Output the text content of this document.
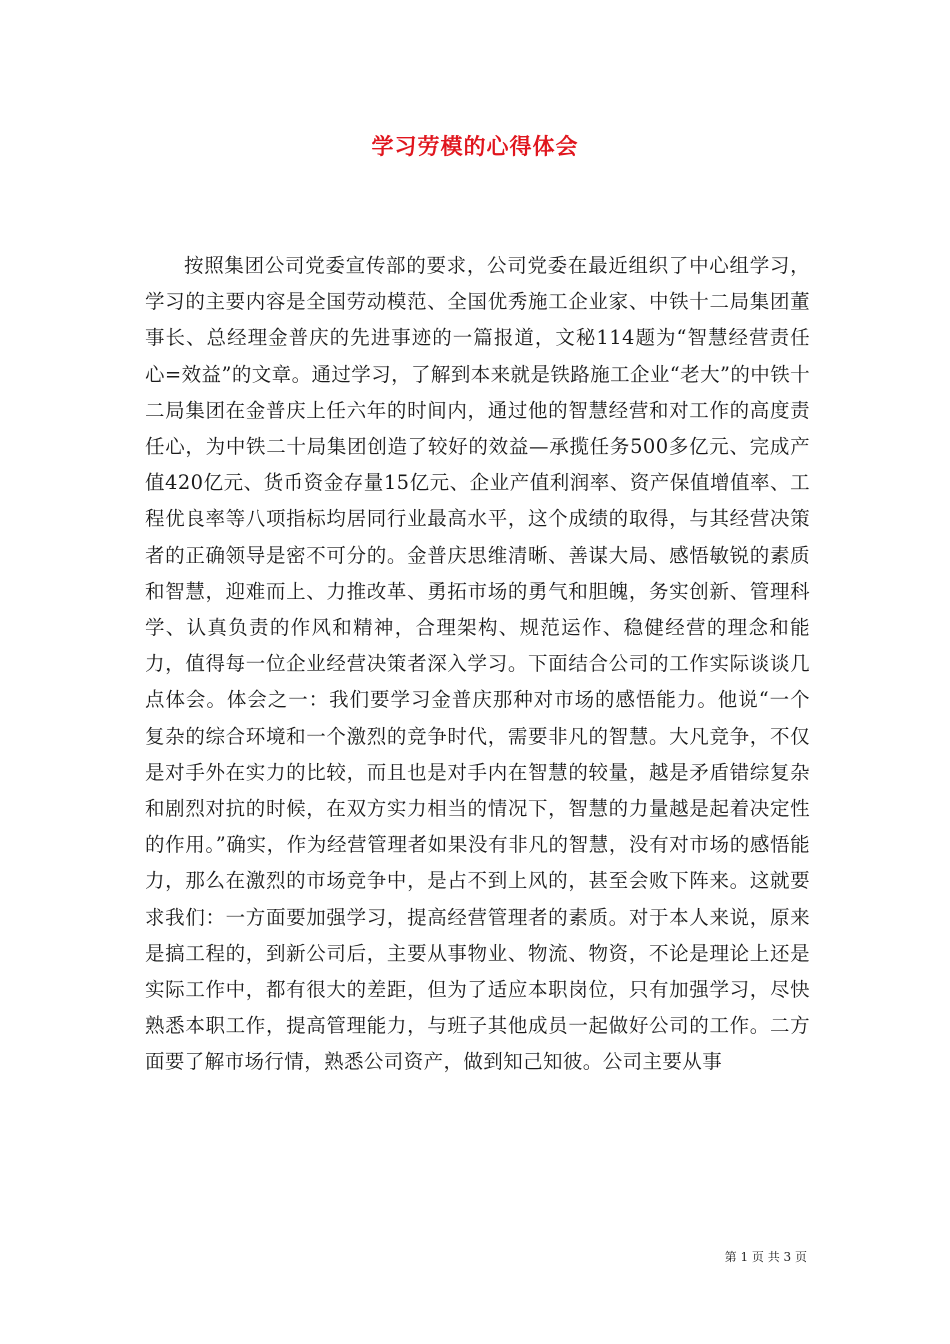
学习劳模的心得体会

按照集团公司党委宣传部的要求，公司党委在最近组织了中心组学习，学习的主要内容是全国劳动模范、全国优秀施工企业家、中铁十二局集团董事长、总经理金普庆的先进事迹的一篇报道，文秘114题为“智慧经营责任心=效益”的文章。通过学习，了解到本来就是铁路施工企业“老大”的中铁十二局集团在金普庆上任六年的时间内，通过他的智慧经营和对工作的高度责任心，为中铁二十局集团创造了较好的效益—承揽任务500多亿元、完成产值420亿元、货币资金存量15亿元、企业产值利润率、资产保值增值率、工程优良率等八项指标均居同行业最高水平，这个成绩的取得，与其经营决策者的正确领导是密不可分的。金普庆思维清晰、善谋大局、感悟敏锐的素质和智慧，迎难而上、力推改革、勇拓市场的勇气和胆魄，务实创新、管理科学、认真负责的作风和精神，合理架构、规范运作、稳健经营的理念和能力，值得每一位企业经营决策者深入学习。下面结合公司的工作实际谈谈几点体会。体会之一：我们要学习金普庆那种对市场的感悟能力。他说“一个复杂的综合环境和一个激烈的竞争时代，需要非凡的智慧。大凡竞争，不仅是对手外在实力的比较，而且也是对手内在智慧的较量，越是矛盾错综复杂和剧烈对抗的时候，在双方实力相当的情况下，智慧的力量越是起着决定性的作用。”确实，作为经营管理者如果没有非凡的智慧，没有对市场的感悟能力，那么在激烈的市场竞争中，是占不到上风的，甚至会败下阵来。这就要求我们：一方面要加强学习，提高经营管理者的素质。对于本人来说，原来是搞工程的，到新公司后，主要从事物业、物流、物资，不论是理论上还是实际工作中，都有很大的差距，但为了适应本职岗位，只有加强学习，尽快熟悉本职工作，提高管理能力，与班子其他成员一起做好公司的工作。二方面要了解市场行情，熟悉公司资产，做到知己知彼。公司主要从事

第 1 页 共 3 页
